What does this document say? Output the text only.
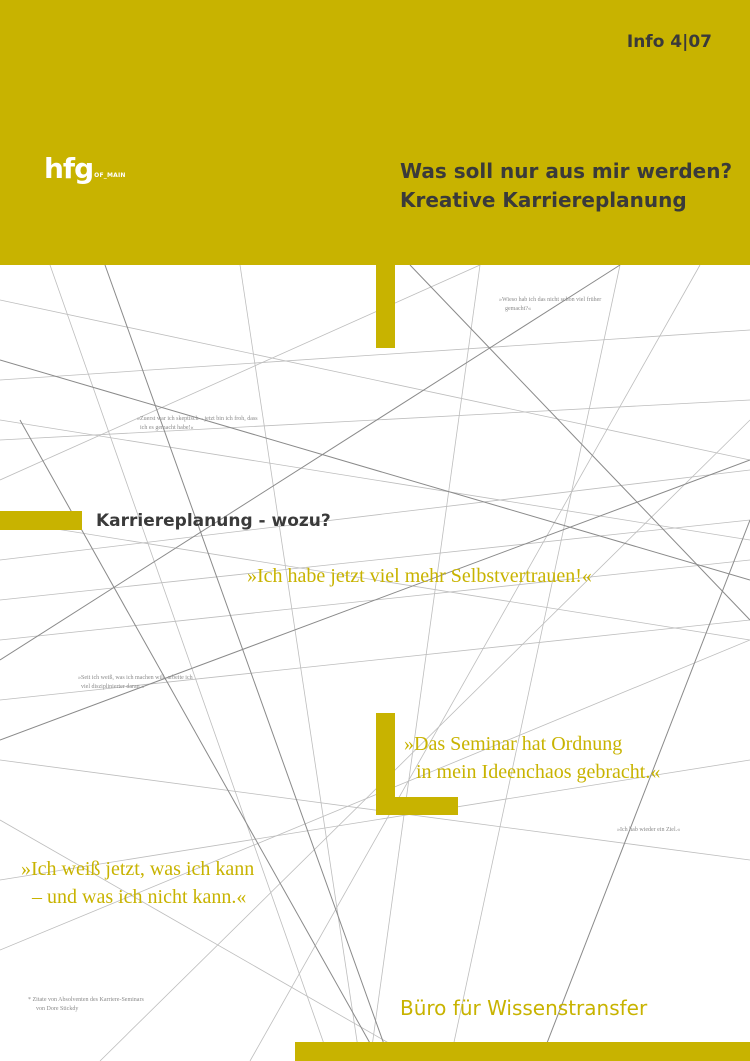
Info 4|07
hfgOF_MAIN	Was soll nur aus mir werden?
Kreative Karriereplanung
»Wieso hab ich das nicht schon viel früher
gemacht?«
»Zuerst war ich skeptisch – jetzt bin ich froh, dass
ich es gemacht habe!«
»Seit ich weiß, was ich machen will, arbeite ich
viel disziplinierter daran.«
»Ich hab wieder ein Ziel.«
Karriereplanung - wozu?
»Ich habe jetzt viel mehr Selbstvertrauen!«
»Das Seminar hat Ordnung
in mein Ideenchaos gebracht.«
»Ich weiß jetzt, was ich kann
– und was ich nicht kann.«
* Zitate von Absolventen des Karriere-Seminars
von Dore Stickdy	Büro für Wissenstransfer
